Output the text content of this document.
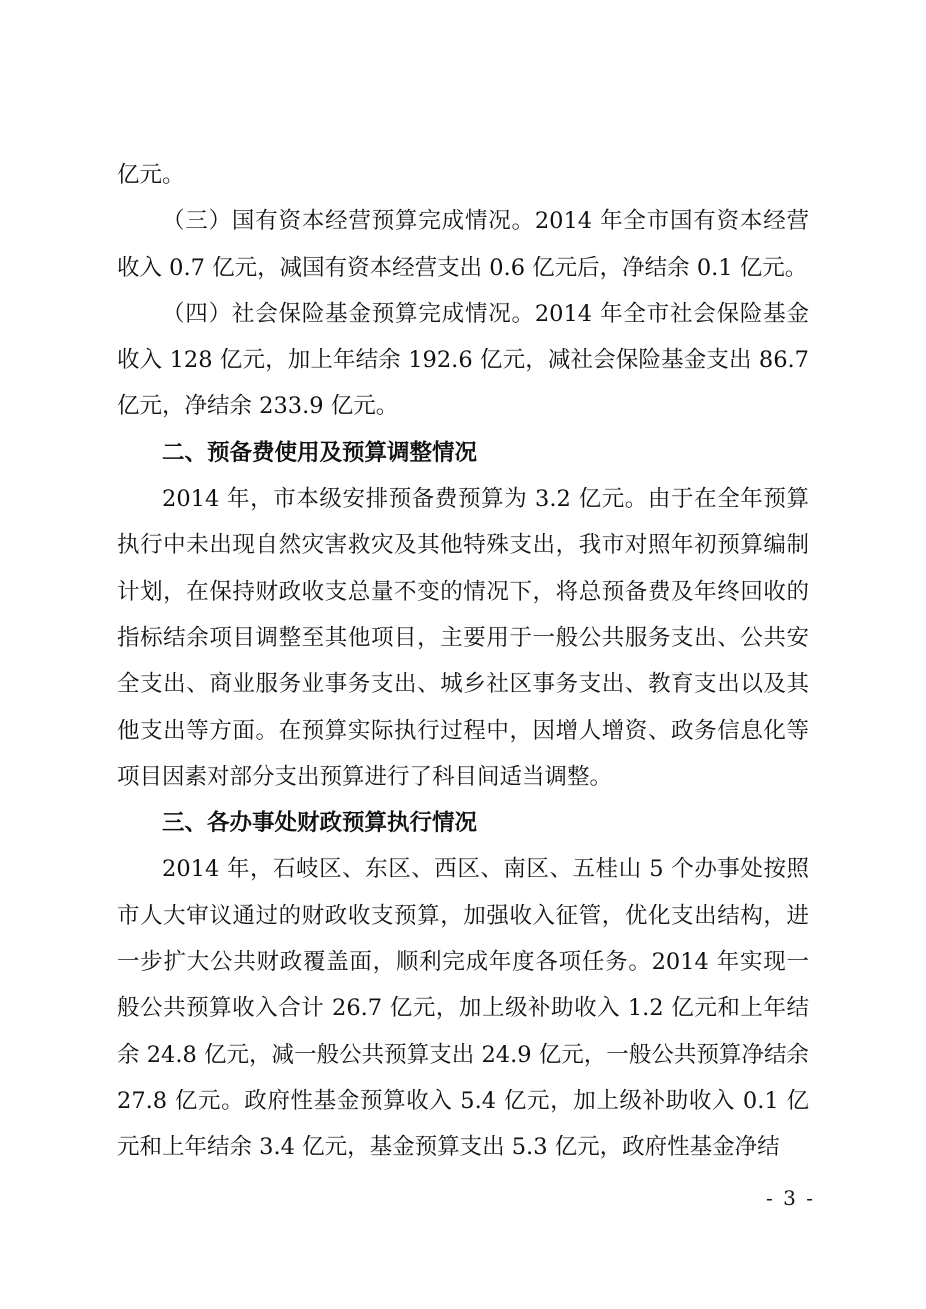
亿元。

（三）国有资本经营预算完成情况。2014 年全市国有资本经营收入 0.7 亿元，减国有资本经营支出 0.6 亿元后，净结余 0.1 亿元。

（四）社会保险基金预算完成情况。2014 年全市社会保险基金收入 128 亿元，加上年结余 192.6 亿元，减社会保险基金支出 86.7 亿元，净结余 233.9 亿元。

二、预备费使用及预算调整情况

2014 年，市本级安排预备费预算为 3.2 亿元。由于在全年预算执行中未出现自然灾害救灾及其他特殊支出，我市对照年初预算编制计划，在保持财政收支总量不变的情况下，将总预备费及年终回收的指标结余项目调整至其他项目，主要用于一般公共服务支出、公共安全支出、商业服务业事务支出、城乡社区事务支出、教育支出以及其他支出等方面。在预算实际执行过程中，因增人增资、政务信息化等项目因素对部分支出预算进行了科目间适当调整。

三、各办事处财政预算执行情况

2014 年，石岐区、东区、西区、南区、五桂山 5 个办事处按照市人大审议通过的财政收支预算，加强收入征管，优化支出结构，进一步扩大公共财政覆盖面，顺利完成年度各项任务。2014 年实现一般公共预算收入合计 26.7 亿元，加上级补助收入 1.2 亿元和上年结余 24.8 亿元，减一般公共预算支出 24.9 亿元，一般公共预算净结余 27.8 亿元。政府性基金预算收入 5.4 亿元，加上级补助收入 0.1 亿元和上年结余 3.4 亿元，基金预算支出 5.3 亿元，政府性基金净结

- 3 -
